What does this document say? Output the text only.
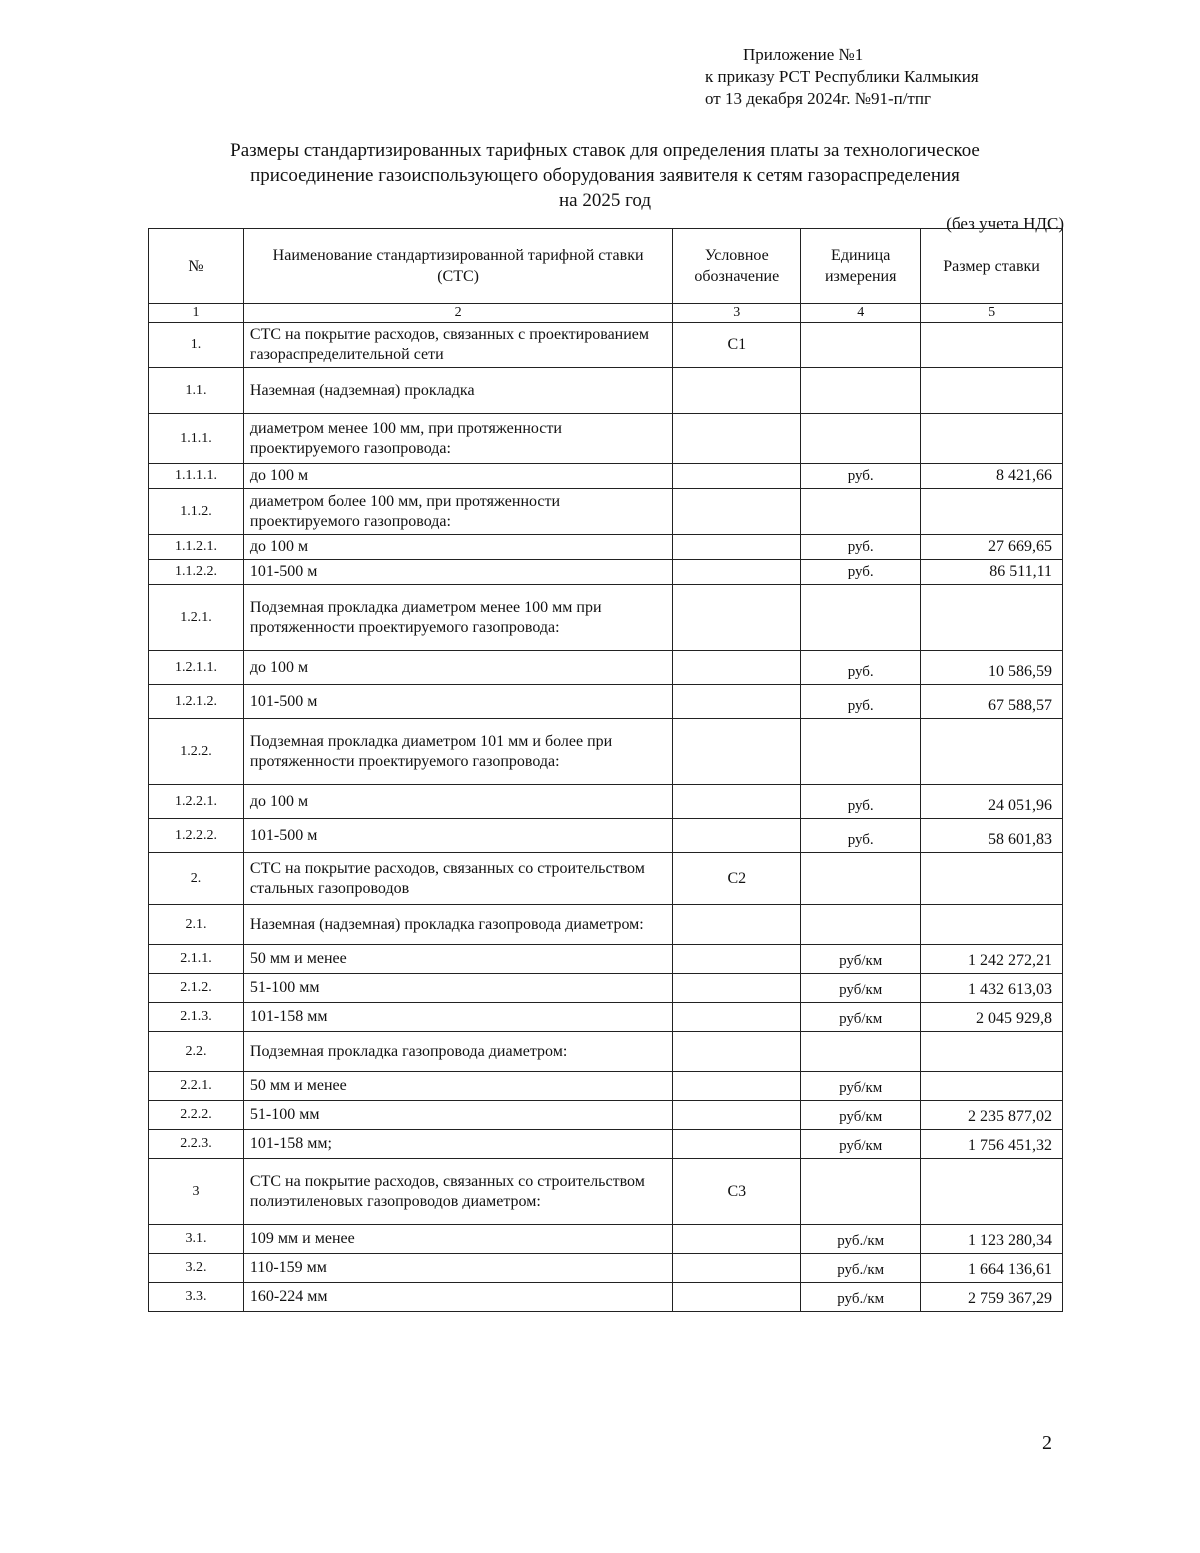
Приложение №1
к приказу РСТ Республики Калмыкия
от 13 декабря 2024г. №91-п/тпг
Размеры стандартизированных тарифных ставок для определения платы за технологическое
присоединение газоиспользующего оборудования заявителя к сетям газораспределения
на 2025 год
(без учета НДС)
№	Наименование стандартизированной тарифной ставки (СТС)	Условное обозначение	Единица измерения	Размер ставки
1	2	3	4	5
1.	СТС на покрытие расходов, связанных с проектированием газораспределительной сети	С1		
1.1.	Наземная (надземная) прокладка			
1.1.1.	диаметром менее 100 мм, при протяженности проектируемого газопровода:			
1.1.1.1.	до 100 м		руб.	8 421,66
1.1.2.	диаметром более 100 мм, при протяженности проектируемого газопровода:			
1.1.2.1.	до 100 м		руб.	27 669,65
1.1.2.2.	101-500 м		руб.	86 511,11
1.2.1.	Подземная прокладка диаметром менее 100 мм при протяженности проектируемого газопровода:			
1.2.1.1.	до 100 м		руб.	10 586,59
1.2.1.2.	101-500 м		руб.	67 588,57
1.2.2.	Подземная прокладка диаметром 101 мм и более при протяженности проектируемого газопровода:			
1.2.2.1.	до 100 м		руб.	24 051,96
1.2.2.2.	101-500 м		руб.	58 601,83
2.	СТС на покрытие расходов, связанных со строительством стальных газопроводов	С2		
2.1.	Наземная (надземная) прокладка газопровода диаметром:			
2.1.1.	50 мм и менее		руб/км	1 242 272,21
2.1.2.	51-100 мм		руб/км	1 432 613,03
2.1.3.	101-158 мм		руб/км	2 045 929,8
2.2.	Подземная прокладка газопровода диаметром:			
2.2.1.	50 мм и менее		руб/км	
2.2.2.	51-100 мм		руб/км	2 235 877,02
2.2.3.	101-158 мм;		руб/км	1 756 451,32
3	СТС на покрытие расходов, связанных со строительством полиэтиленовых газопроводов диаметром:	С3		
3.1.	109 мм и менее		руб./км	1 123 280,34
3.2.	110-159 мм		руб./км	1 664 136,61
3.3.	160-224 мм		руб./км	2 759 367,29
2
